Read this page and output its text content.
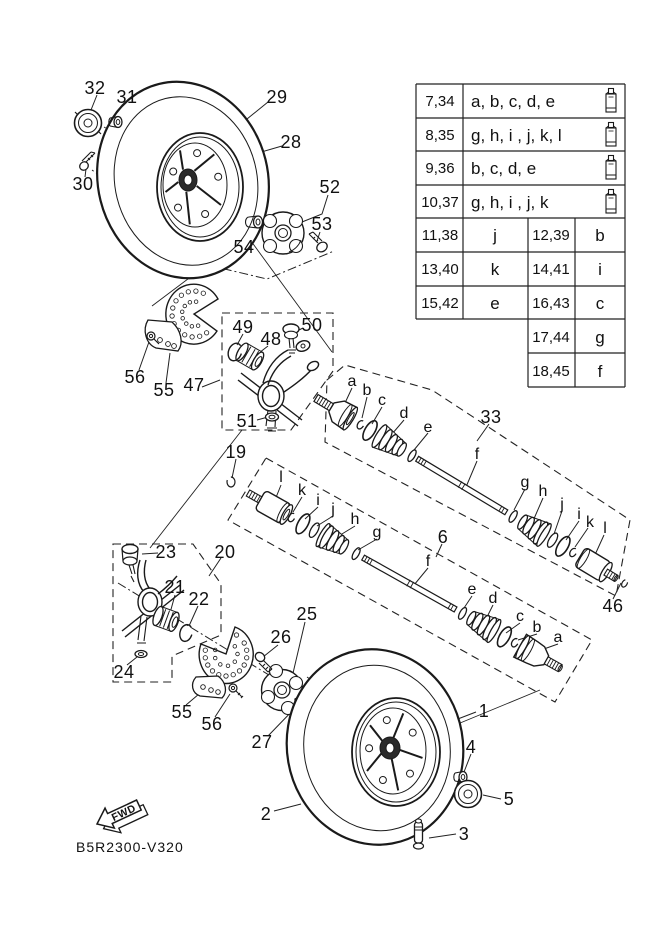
FWD
B5R2300-V320
7,34 a, b, c, d, e
8,35 g, h, i , j, k, l
9,36 b, c, d, e
10,37 g, h, i , j, k
11,38 j 12,39 b
13,40 k 14,41 i
15,42 e 16,43 c
17,44 g
18,45 f
32 31	29
28
30	52
53
54
56
55 47
49
48
50
51
19
33
6
46
20
23
21
22
24
55
56
25
26
27
1
2
3
4
5
a
b
c
d
e
f
g
h
j
i k l
l
k
i
j
h
g
f
e
d
c
b
a
